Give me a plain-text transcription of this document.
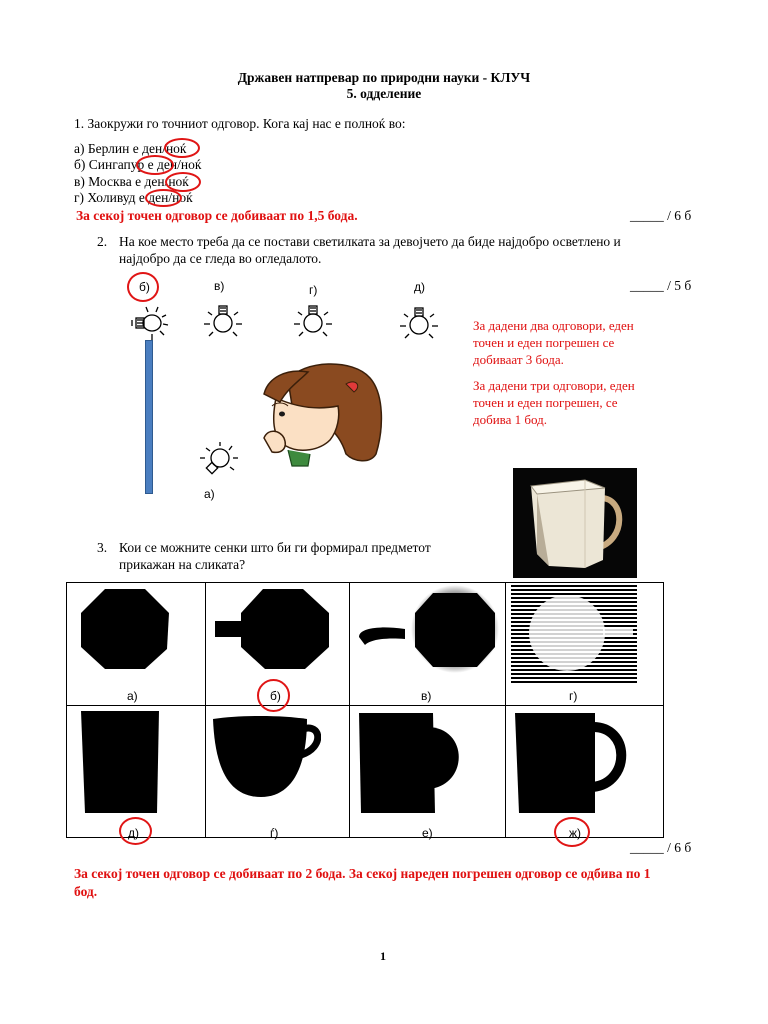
Државен натпревар по природни науки - КЛУЧ
5. одделение
1. Заокружи го точниот одговор. Кога кај нас е полноќ во:
а) Берлин е ден/ноќ
б) Сингапур е ден/ноќ
в) Москва е ден/ноќ
г) Холивуд е ден/ноќ
За секој точен одговор се добиваат по 1,5 бода.	_____ / 6 б
2. На кое место треба да се постави светилката за девојчето да биде најдобро осветлено и
најдобро да се гледа во огледалото.
_____ / 5 б
б)	в)	г)	д)
а)
За дадени два одговори, еден
точен и еден погрешен се
добиваат 3 бода.
За дадени три одговори, еден
точен и еден погрешен, се
добива 1 бод.
3. Кои се можните сенки што би ги формирал предметот
прикажан на сликата?
а)	б)	в)	г)
д)	ѓ)	е)	ж)
_____ / 6 б
За секој точен одговор се добиваат по 2 бода. За секој нареден погрешен одговор се одбива по 1
бод.
1
